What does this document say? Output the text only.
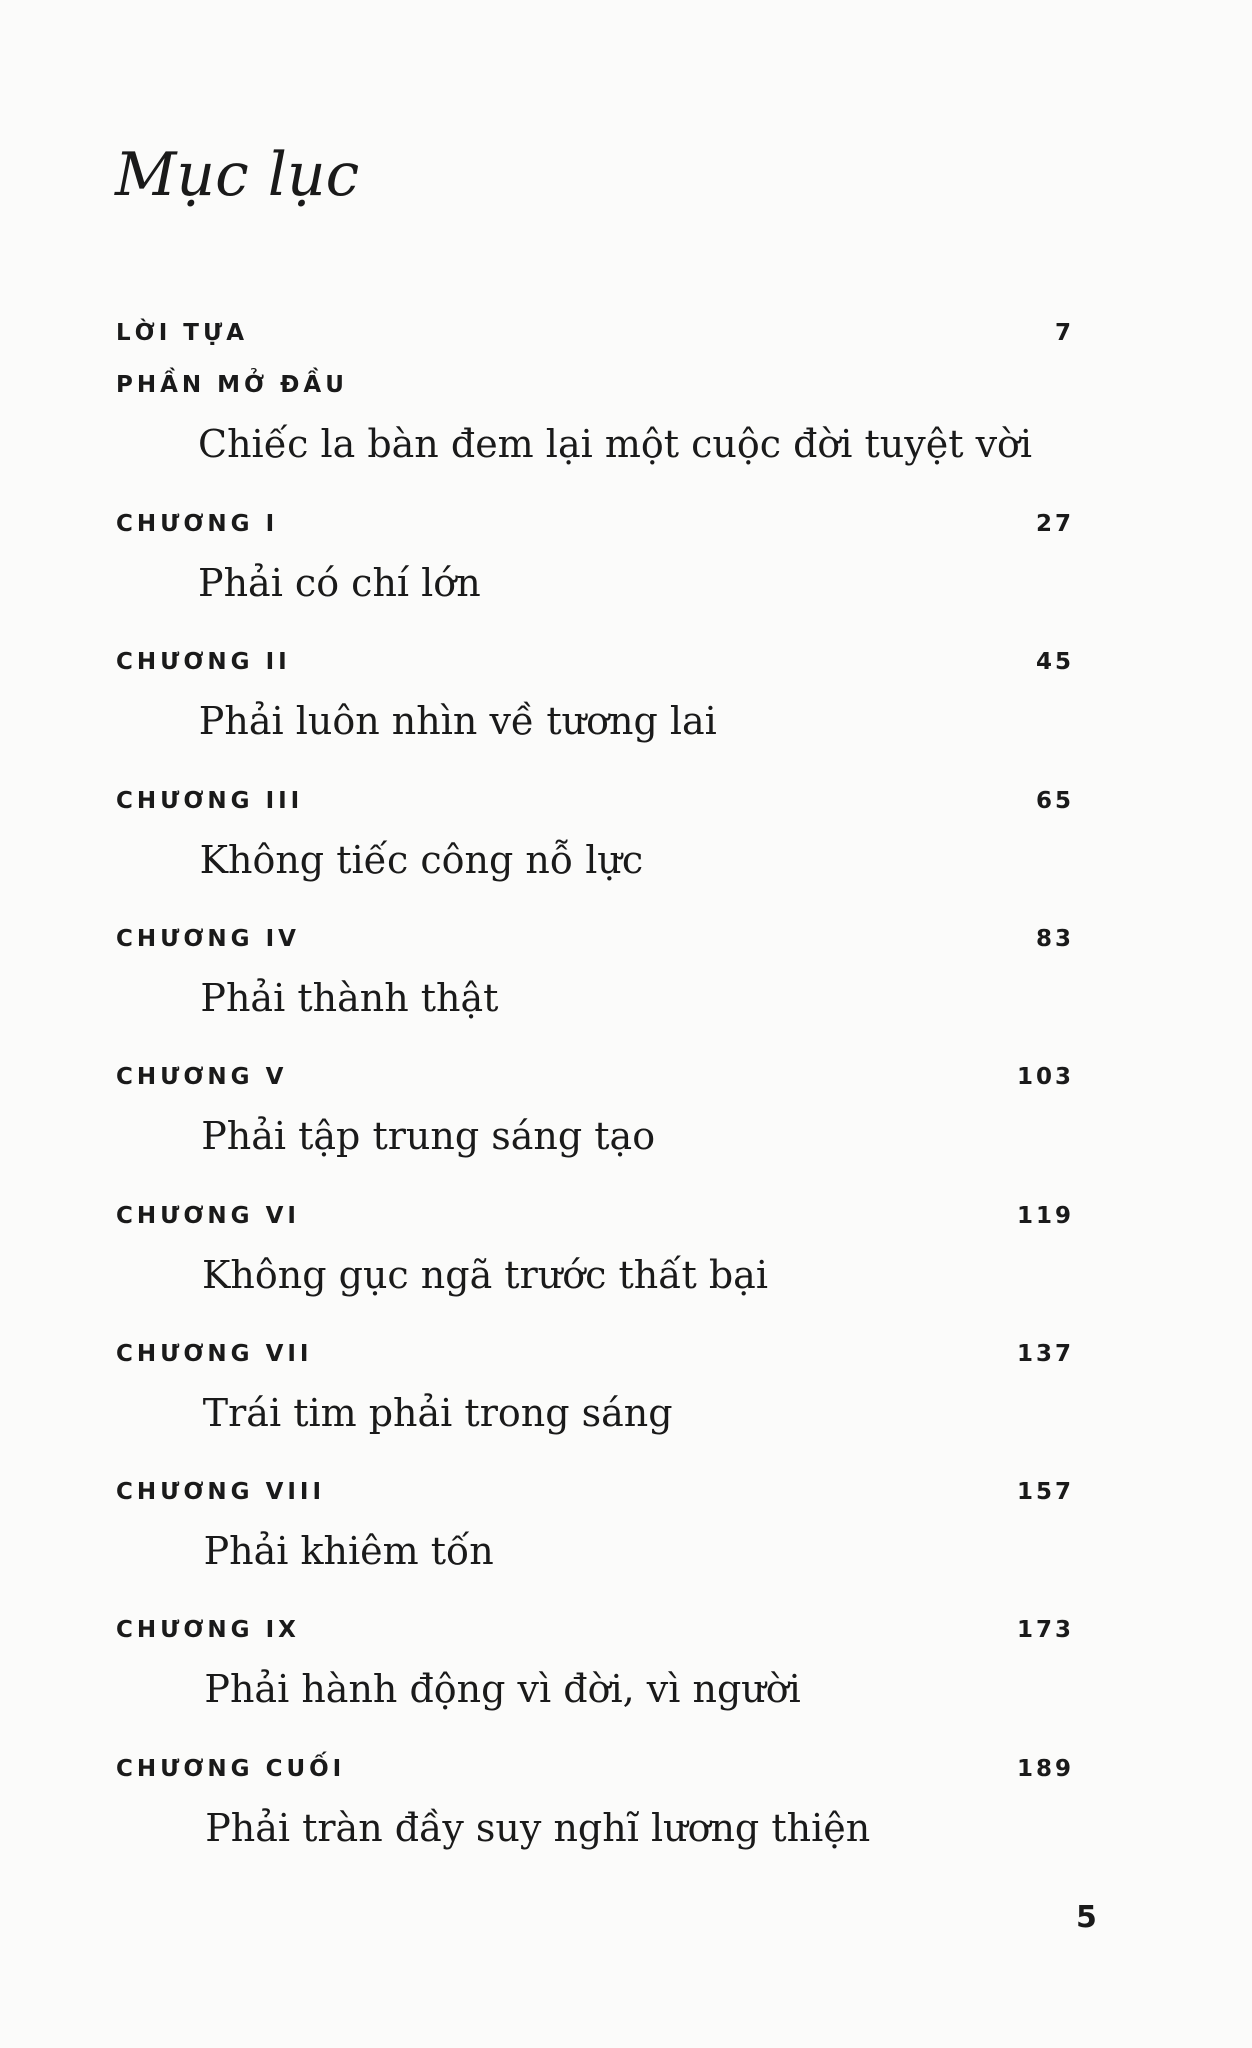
Mục lục
LỜI TỰA	7
PHẦN MỞ ĐẦU
Chiếc la bàn đem lại một cuộc đời tuyệt vời
CHƯƠNG I	27
Phải có chí lớn
CHƯƠNG II	45
Phải luôn nhìn về tương lai
CHƯƠNG III	65
Không tiếc công nỗ lực
CHƯƠNG IV	83
Phải thành thật
CHƯƠNG V	103
Phải tập trung sáng tạo
CHƯƠNG VI	119
Không gục ngã trước thất bại
CHƯƠNG VII	137
Trái tim phải trong sáng
CHƯƠNG VIII	157
Phải khiêm tốn
CHƯƠNG IX	173
Phải hành động vì đời, vì người
CHƯƠNG CUỐI	189
Phải tràn đầy suy nghĩ lương thiện
5
